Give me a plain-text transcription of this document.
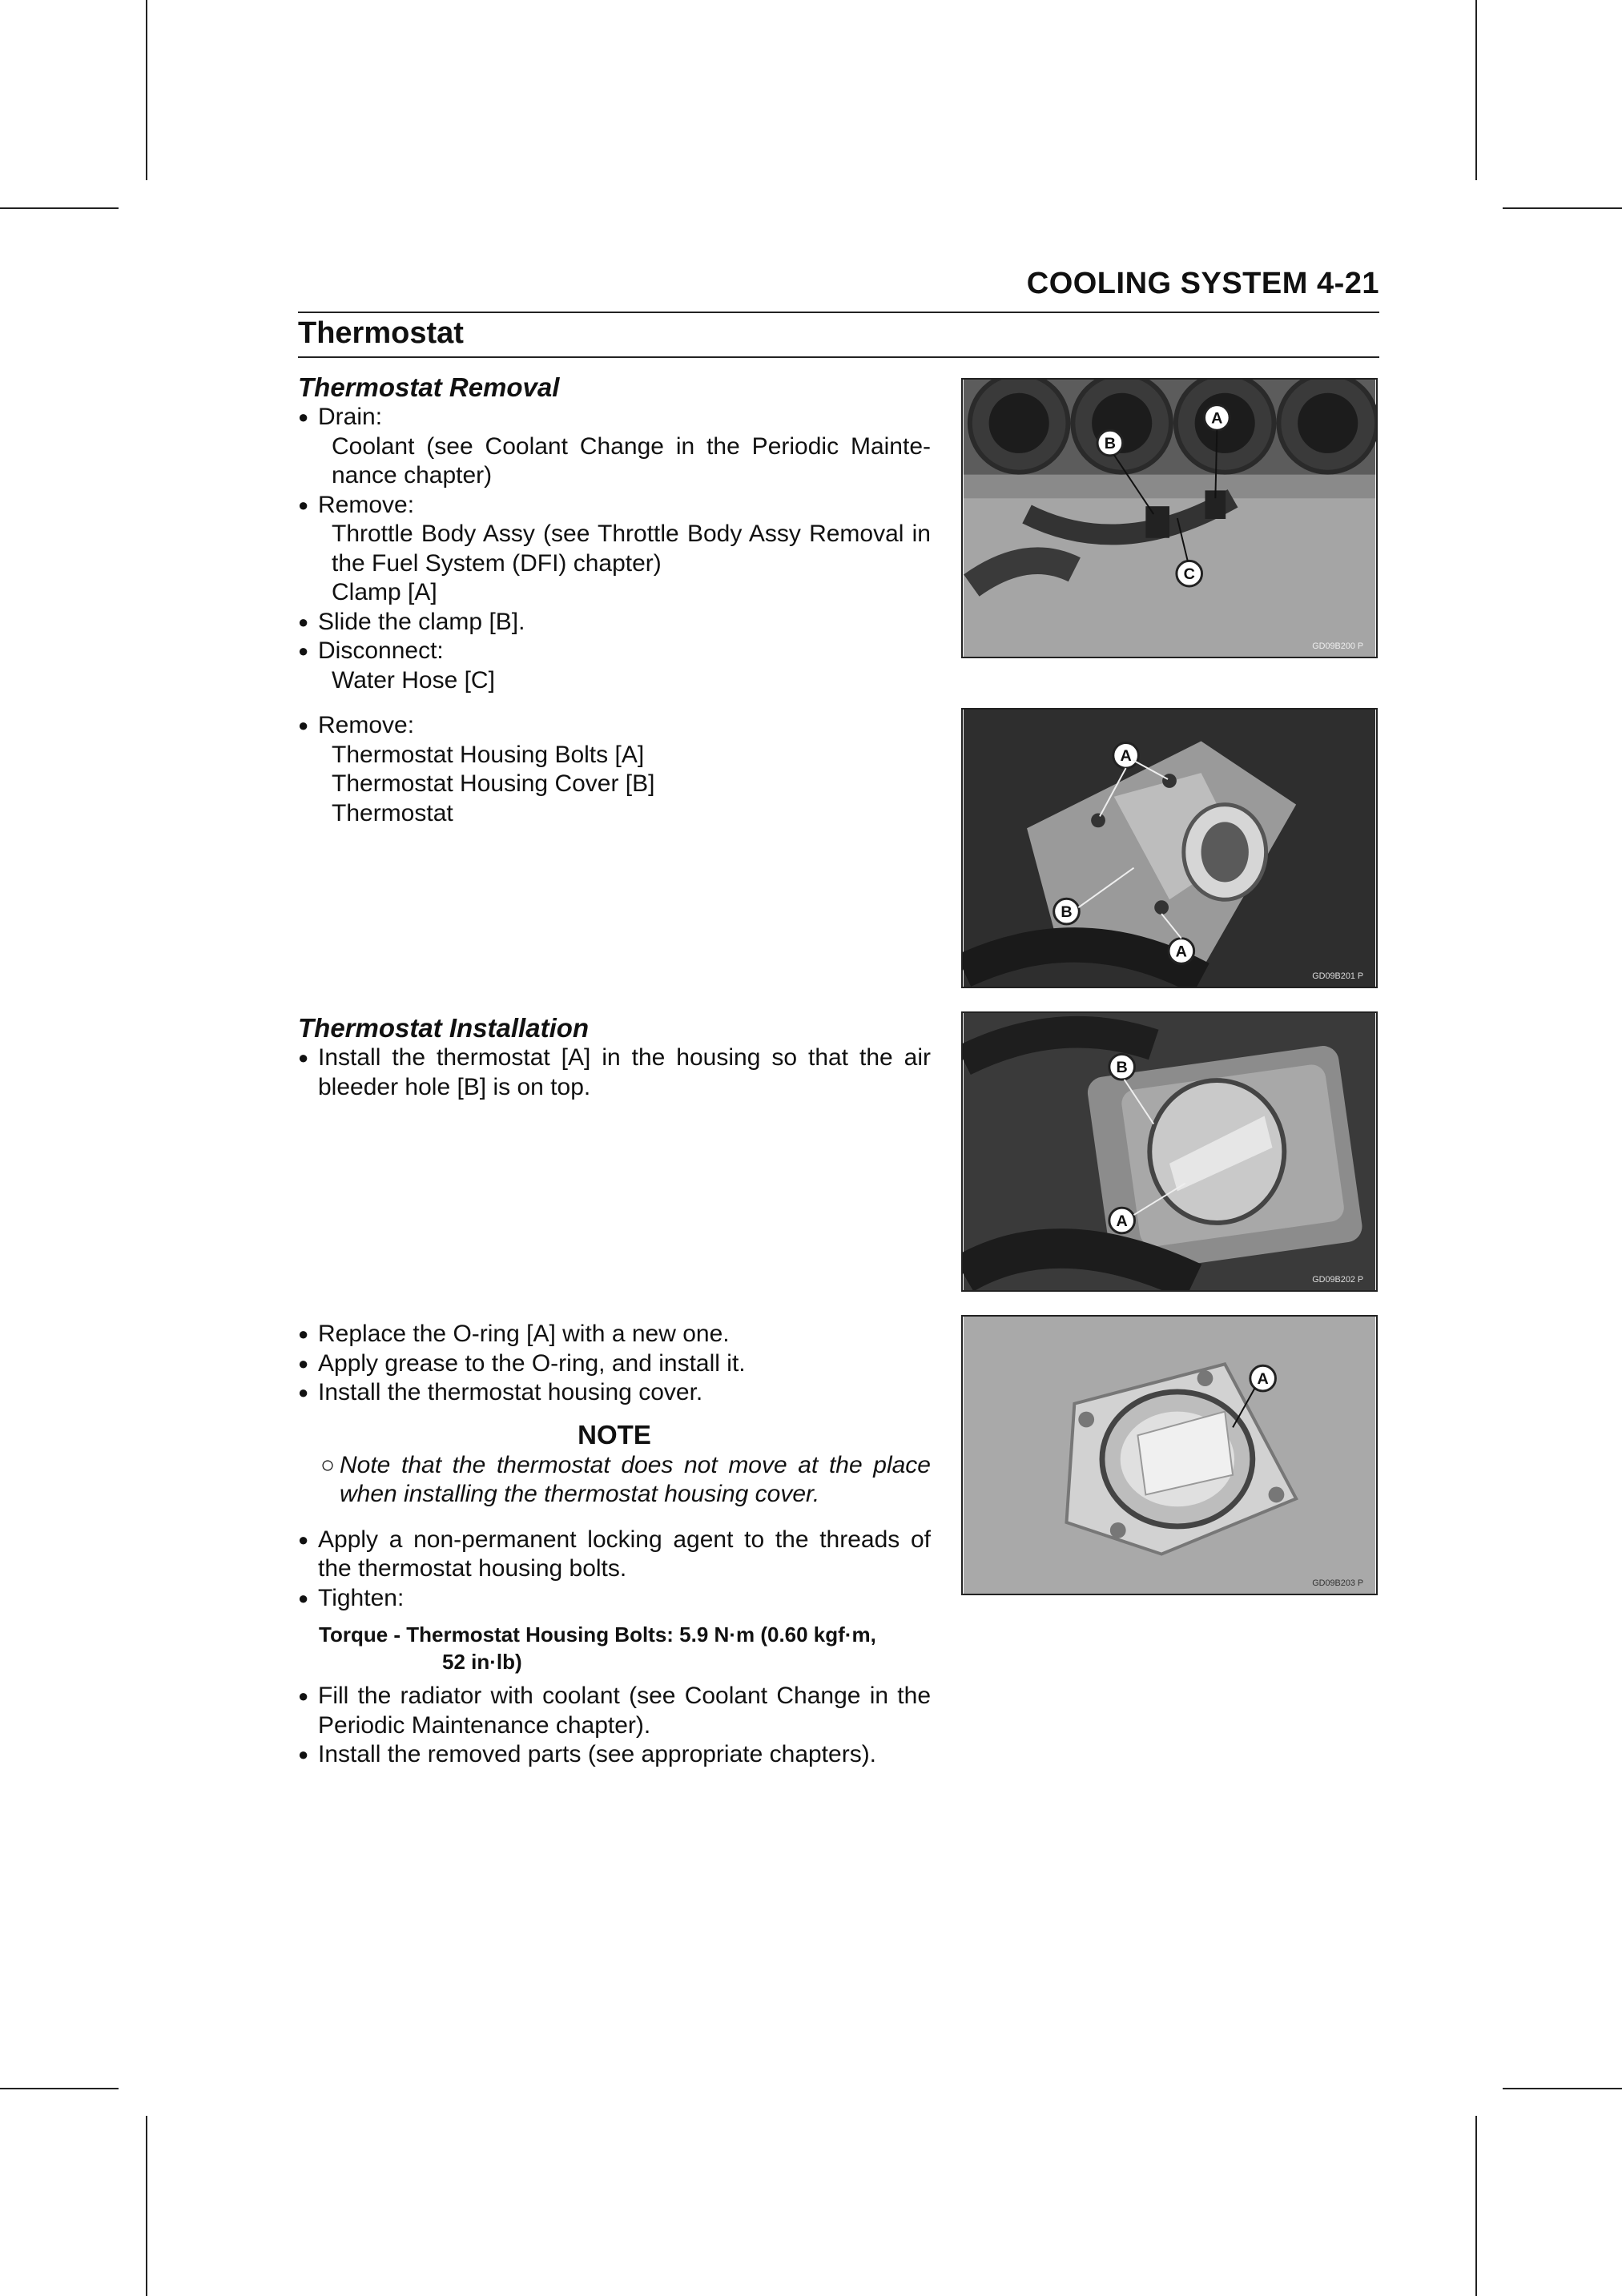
COOLING SYSTEM 4-21
Thermostat
Thermostat Removal
● Drain:
Coolant (see Coolant Change in the Periodic Mainte-nance chapter)
● Remove:
Throttle Body Assy (see Throttle Body Assy Removal in the Fuel System (DFI) chapter)
Clamp [A]
● Slide the clamp [B].
● Disconnect:
Water Hose [C]
● Remove:
Thermostat Housing Bolts [A]
Thermostat Housing Cover [B]
Thermostat
Thermostat Installation
● Install the thermostat [A] in the housing so that the air bleeder hole [B] is on top.
● Replace the O-ring [A] with a new one.
● Apply grease to the O-ring, and install it.
● Install the thermostat housing cover.
NOTE
○ Note that the thermostat does not move at the place when installing the thermostat housing cover.
● Apply a non-permanent locking agent to the threads of the thermostat housing bolts.
● Tighten:
Torque - Thermostat Housing Bolts: 5.9 N·m (0.60 kgf·m,
52 in·lb)
● Fill the radiator with coolant (see Coolant Change in the Periodic Maintenance chapter).
● Install the removed parts (see appropriate chapters).
B
A
C
GD09B200 P
A
B
A
GD09B201 P
A
B
GD09B202 P
A
GD09B203 P
